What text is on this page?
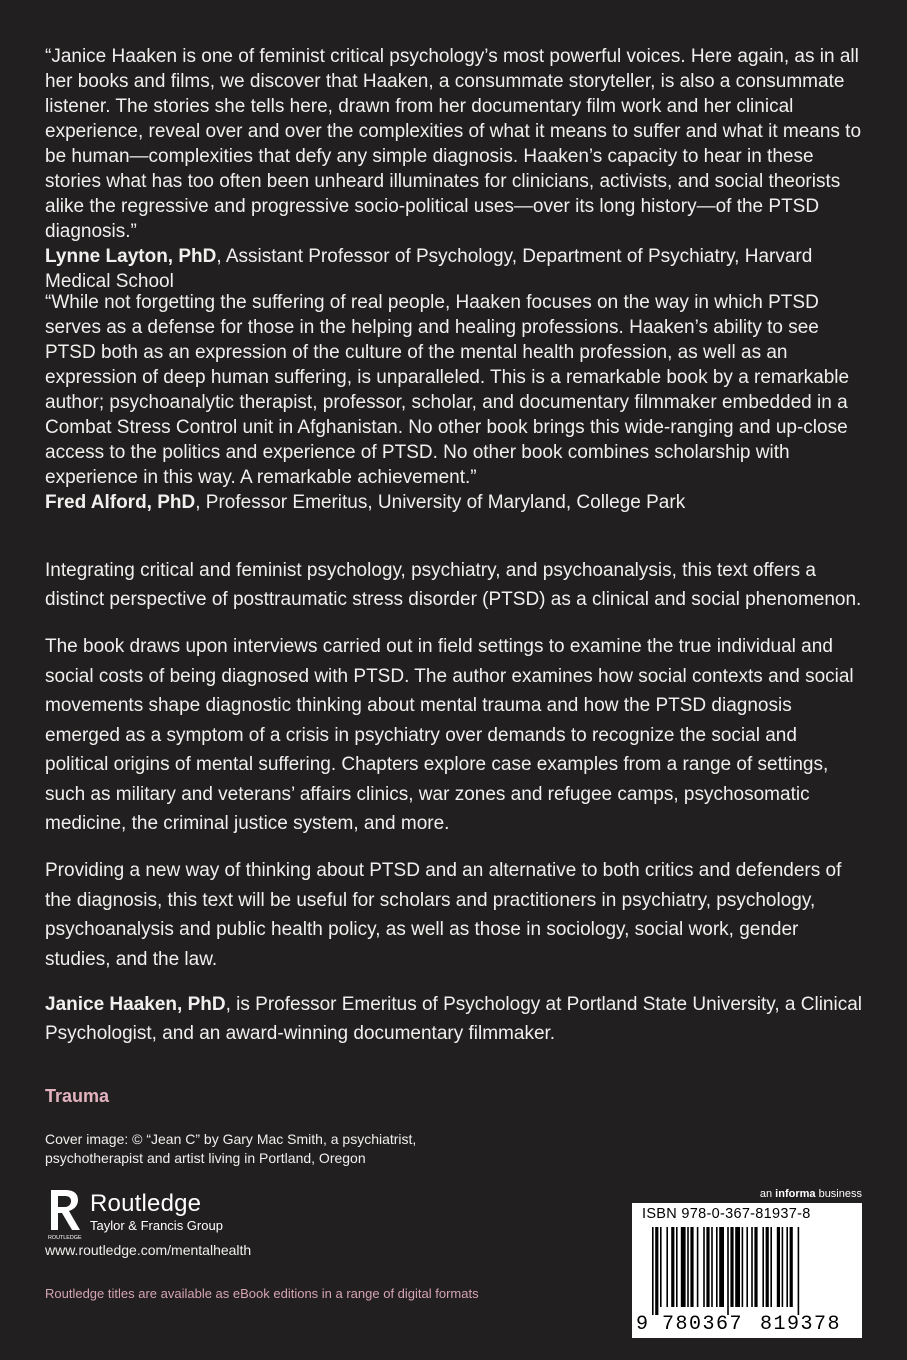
“Janice Haaken is one of feminist critical psychology’s most powerful voices. Here again, as in all her books and films, we discover that Haaken, a consummate storyteller, is also a consummate listener. The stories she tells here, drawn from her documentary film work and her clinical experience, reveal over and over the complexities of what it means to suffer and what it means to be human—complexities that defy any simple diagnosis. Haaken’s capacity to hear in these stories what has too often been unheard illuminates for clinicians, activists, and social theorists alike the regressive and progressive socio-political uses—over its long history—of the PTSD diagnosis.”
Lynne Layton, PhD, Assistant Professor of Psychology, Department of Psychiatry, Harvard Medical School
“While not forgetting the suffering of real people, Haaken focuses on the way in which PTSD serves as a defense for those in the helping and healing professions. Haaken’s ability to see PTSD both as an expression of the culture of the mental health profession, as well as an expression of deep human suffering, is unparalleled. This is a remarkable book by a remarkable author; psychoanalytic therapist, professor, scholar, and documentary filmmaker embedded in a Combat Stress Control unit in Afghanistan. No other book brings this wide-ranging and up-close access to the politics and experience of PTSD. No other book combines scholarship with experience in this way. A remarkable achievement.”
Fred Alford, PhD, Professor Emeritus, University of Maryland, College Park
Integrating critical and feminist psychology, psychiatry, and psychoanalysis, this text offers a distinct perspective of posttraumatic stress disorder (PTSD) as a clinical and social phenomenon.
The book draws upon interviews carried out in field settings to examine the true individual and social costs of being diagnosed with PTSD. The author examines how social contexts and social movements shape diagnostic thinking about mental trauma and how the PTSD diagnosis emerged as a symptom of a crisis in psychiatry over demands to recognize the social and political origins of mental suffering. Chapters explore case examples from a range of settings, such as military and veterans’ affairs clinics, war zones and refugee camps, psychosomatic medicine, the criminal justice system, and more.
Providing a new way of thinking about PTSD and an alternative to both critics and defenders of the diagnosis, this text will be useful for scholars and practitioners in psychiatry, psychology, psychoanalysis and public health policy, as well as those in sociology, social work, gender studies, and the law.
Janice Haaken, PhD, is Professor Emeritus of Psychology at Portland State University, a Clinical Psychologist, and an award-winning documentary filmmaker.
Trauma
Cover image: © “Jean C” by Gary Mac Smith, a psychiatrist, psychotherapist and artist living in Portland, Oregon
ROUTLEDGE
Routledge
Taylor & Francis Group
www.routledge.com/mentalhealth
Routledge titles are available as eBook editions in a range of digital formats
an informa business
ISBN 978-0-367-81937-8
9 780367 819378
